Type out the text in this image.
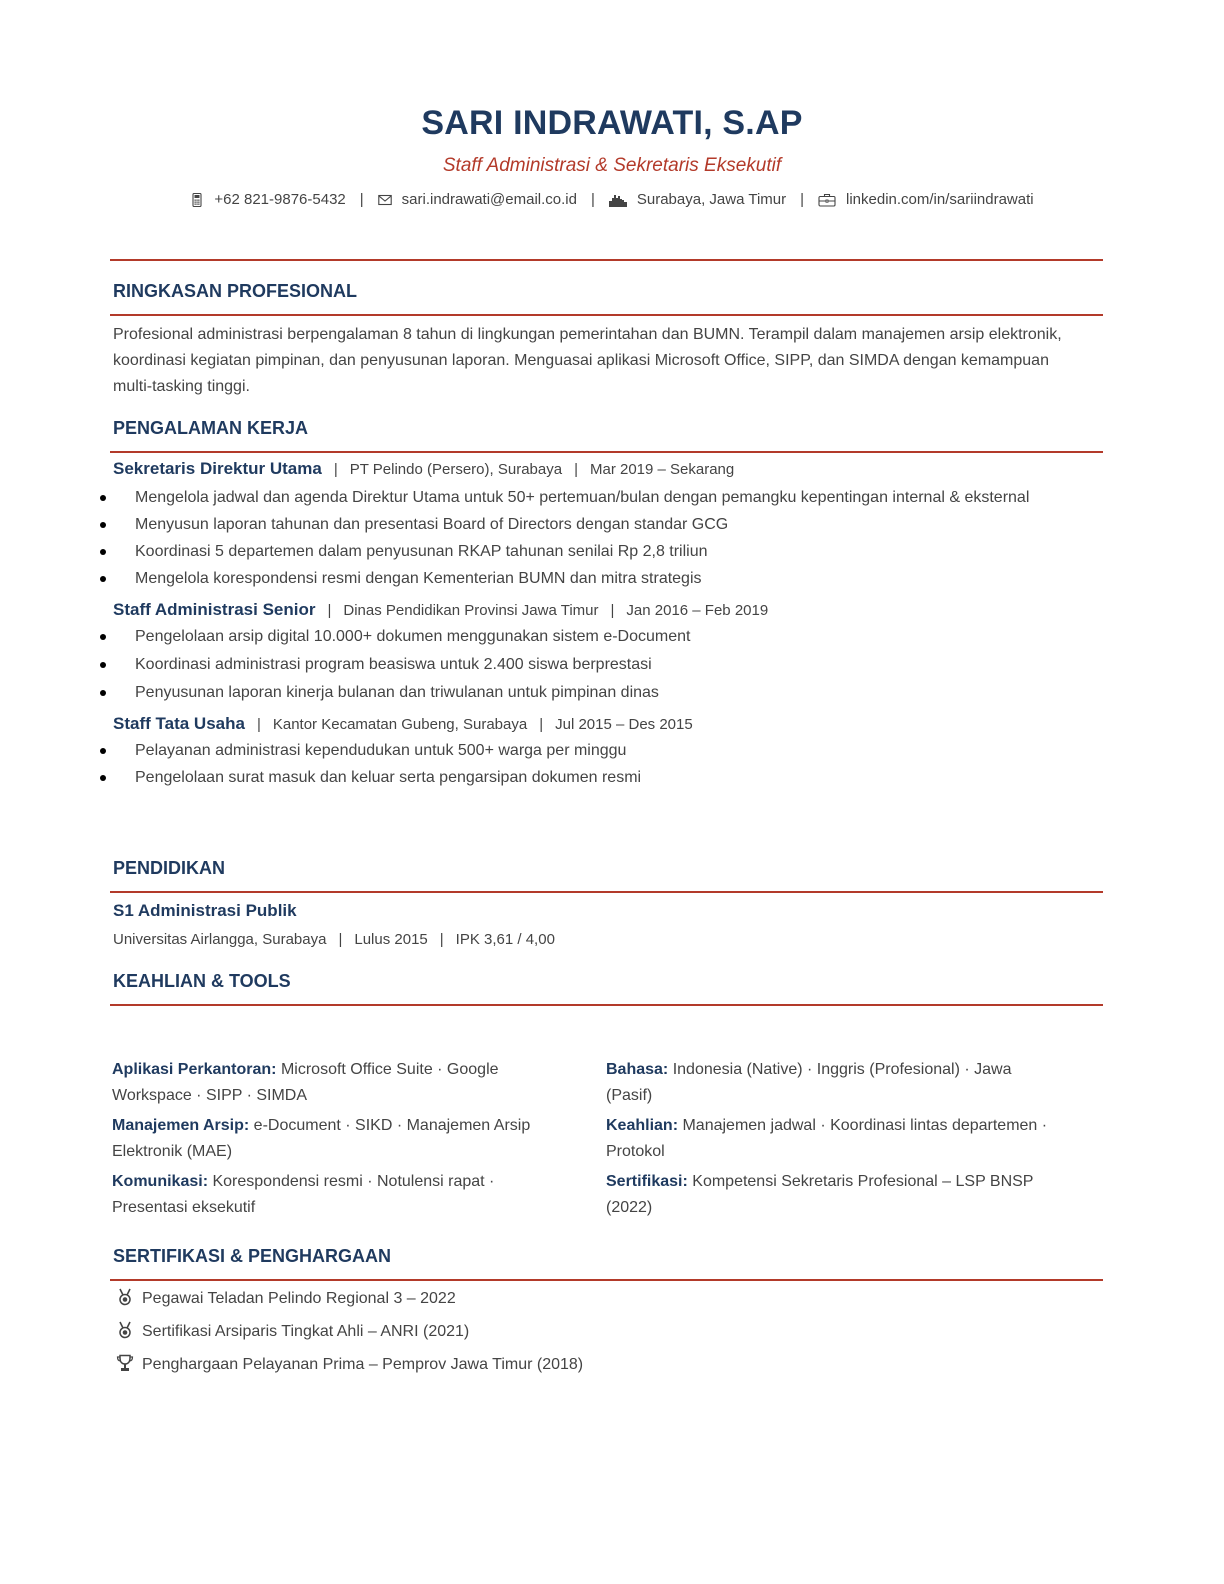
SARI INDRAWATI, S.AP
Staff Administrasi & Sekretaris Eksekutif
+62 821-9876-5432 |	sari.indrawati@email.co.id |	Surabaya, Jawa Timur |	linkedin.com/in/sariindrawati
RINGKASAN PROFESIONAL
Profesional administrasi berpengalaman 8 tahun di lingkungan pemerintahan dan BUMN. Terampil dalam manajemen arsip elektronik, koordinasi kegiatan pimpinan, dan penyusunan laporan. Menguasai aplikasi Microsoft Office, SIPP, dan SIMDA dengan kemampuan multi-tasking tinggi.
PENGALAMAN KERJA
Sekretaris Direktur Utama | PT Pelindo (Persero), Surabaya | Mar 2019 – Sekarang
Mengelola jadwal dan agenda Direktur Utama untuk 50+ pertemuan/bulan dengan pemangku kepentingan internal & eksternal
Menyusun laporan tahunan dan presentasi Board of Directors dengan standar GCG
Koordinasi 5 departemen dalam penyusunan RKAP tahunan senilai Rp 2,8 triliun
Mengelola korespondensi resmi dengan Kementerian BUMN dan mitra strategis
Staff Administrasi Senior | Dinas Pendidikan Provinsi Jawa Timur | Jan 2016 – Feb 2019
Pengelolaan arsip digital 10.000+ dokumen menggunakan sistem e-Document
Koordinasi administrasi program beasiswa untuk 2.400 siswa berprestasi
Penyusunan laporan kinerja bulanan dan triwulanan untuk pimpinan dinas
Staff Tata Usaha | Kantor Kecamatan Gubeng, Surabaya | Jul 2015 – Des 2015
Pelayanan administrasi kependudukan untuk 500+ warga per minggu
Pengelolaan surat masuk dan keluar serta pengarsipan dokumen resmi
PENDIDIKAN
S1 Administrasi Publik
Universitas Airlangga, Surabaya | Lulus 2015 | IPK 3,61 / 4,00
KEAHLIAN & TOOLS
Aplikasi Perkantoran: Microsoft Office Suite · Google Workspace · SIPP · SIMDA
Bahasa: Indonesia (Native) · Inggris (Profesional) · Jawa (Pasif)
Manajemen Arsip: e-Document · SIKD · Manajemen Arsip Elektronik (MAE)
Keahlian: Manajemen jadwal · Koordinasi lintas departemen · Protokol
Komunikasi: Korespondensi resmi · Notulensi rapat · Presentasi eksekutif
Sertifikasi: Kompetensi Sekretaris Profesional – LSP BNSP (2022)
SERTIFIKASI & PENGHARGAAN
Pegawai Teladan Pelindo Regional 3 – 2022
Sertifikasi Arsiparis Tingkat Ahli – ANRI (2021)
Penghargaan Pelayanan Prima – Pemprov Jawa Timur (2018)
